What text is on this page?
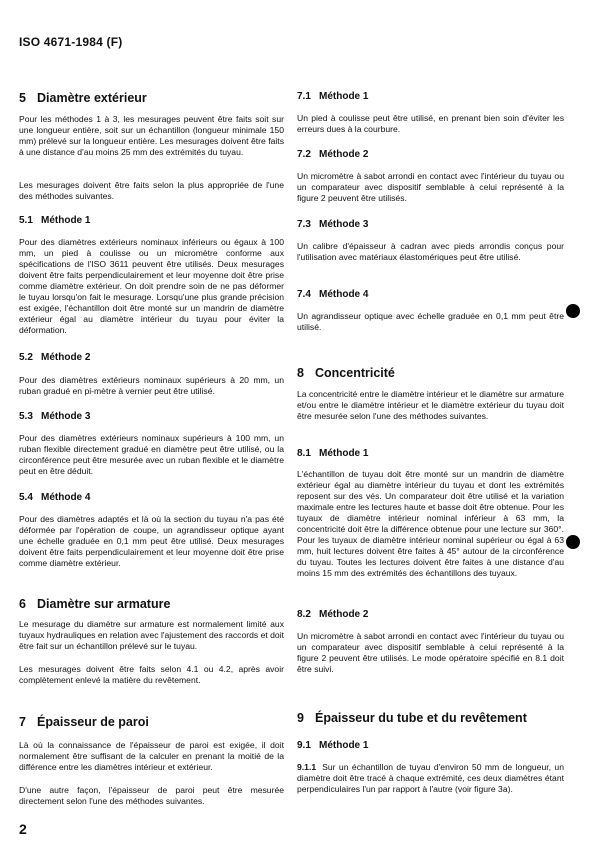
ISO 4671-1984 (F)

5 Diamètre extérieur

Pour les méthodes 1 à 3, les mesurages peuvent être faits soit sur une longueur entière, soit sur un échantillon (longueur minimale 150 mm) prélevé sur la longueur entière. Les mesurages doivent être faits à une distance d'au moins 25 mm des extrémités du tuyau.

Les mesurages doivent être faits selon la plus appropriée de l'une des méthodes suivantes.

5.1 Méthode 1

Pour des diamètres extérieurs nominaux inférieurs ou égaux à 100 mm, un pied à coulisse ou un micromètre conforme aux spécifications de l'ISO 3611 peuvent être utilisés. Deux mesurages doivent être faits perpendiculairement et leur moyenne doit être prise comme diamètre extérieur. On doit prendre soin de ne pas déformer le tuyau lorsqu'on fait le mesurage. Lorsqu'une plus grande précision est exigée, l'échantillon doit être monté sur un mandrin de diamètre extérieur égal au diamètre intérieur du tuyau pour éviter la déformation.

5.2 Méthode 2

Pour des diamètres extérieurs nominaux supérieurs à 20 mm, un ruban gradué en pi-mètre à vernier peut être utilisé.

5.3 Méthode 3

Pour des diamètres extérieurs nominaux supérieurs à 100 mm, un ruban flexible directement gradué en diamètre peut être utilisé, ou la circonférence peut être mesurée avec un ruban flexible et le diamètre peut en être déduit.

5.4 Méthode 4

Pour des diamètres adaptés et là où la section du tuyau n'a pas été déformée par l'opération de coupe, un agrandisseur optique ayant une échelle graduée en 0,1 mm peut être utilisé. Deux mesurages doivent être faits perpendiculairement et leur moyenne doit être prise comme diamètre extérieur.

6 Diamètre sur armature

Le mesurage du diamètre sur armature est normalement limité aux tuyaux hydrauliques en relation avec l'ajustement des raccords et doit être fait sur un échantillon prélevé sur le tuyau.

Les mesurages doivent être faits selon 4.1 ou 4.2, après avoir complètement enlevé la matière du revêtement.

7 Épaisseur de paroi

Là où la connaissance de l'épaisseur de paroi est exigée, il doit normalement être suffisant de la calculer en prenant la moitié de la différence entre les diamètres intérieur et extérieur.

D'une autre façon, l'épaisseur de paroi peut être mesurée directement selon l'une des méthodes suivantes.

7.1 Méthode 1

Un pied à coulisse peut être utilisé, en prenant bien soin d'éviter les erreurs dues à la courbure.

7.2 Méthode 2

Un micromètre à sabot arrondi en contact avec l'intérieur du tuyau ou un comparateur avec dispositif semblable à celui représenté à la figure 2 peuvent être utilisés.

7.3 Méthode 3

Un calibre d'épaisseur à cadran avec pieds arrondis conçus pour l'utilisation avec matériaux élastomériques peut être utilisé.

7.4 Méthode 4

Un agrandisseur optique avec échelle graduée en 0,1 mm peut être utilisé.

8 Concentricité

La concentricité entre le diamètre intérieur et le diamètre sur armature et/ou entre le diamètre intérieur et le diamètre extérieur du tuyau doit être mesurée selon l'une des méthodes suivantes.

8.1 Méthode 1

L'échantillon de tuyau doit être monté sur un mandrin de diamètre extérieur égal au diamètre intérieur du tuyau et dont les extrémités reposent sur des vés. Un comparateur doit être utilisé et la variation maximale entre les lectures haute et basse doit être obtenue. Pour les tuyaux de diamètre intérieur nominal inférieur à 63 mm, la concentricité doit être la différence obtenue pour une lecture sur 360°. Pour les tuyaux de diamètre intérieur nominal supérieur ou égal à 63 mm, huit lectures doivent être faites à 45° autour de la circonférence du tuyau. Toutes les lectures doivent être faites à une distance d'au moins 15 mm des extrémités des échantillons des tuyaux.

8.2 Méthode 2

Un micromètre à sabot arrondi en contact avec l'intérieur du tuyau ou un comparateur avec dispositif semblable à celui représenté à la figure 2 peuvent être utilisés. Le mode opératoire spécifié en 8.1 doit être suivi.

9 Épaisseur du tube et du revêtement

9.1 Méthode 1

9.1.1 Sur un échantillon de tuyau d'environ 50 mm de longueur, un diamètre doit être tracé à chaque extrémité, ces deux diamètres étant perpendiculaires l'un par rapport à l'autre (voir figure 3a).

2
